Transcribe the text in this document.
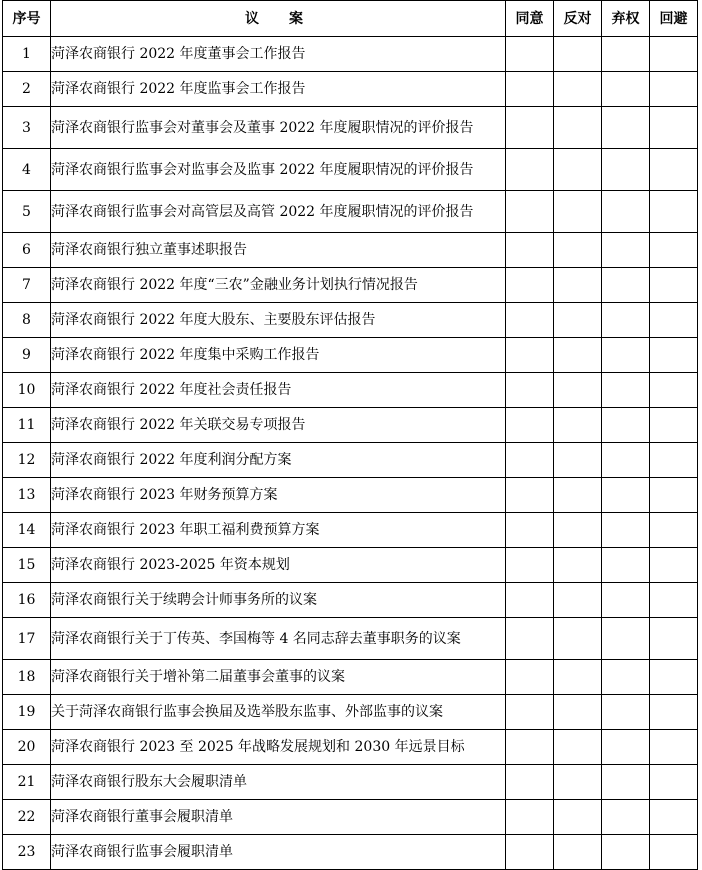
序号	议　案	同意	反对	弃权	回避
1	菏泽农商银行 2022 年度董事会工作报告				
2	菏泽农商银行 2022 年度监事会工作报告				
3	菏泽农商银行监事会对董事会及董事 2022 年度履职情况的评价报告				
4	菏泽农商银行监事会对监事会及监事 2022 年度履职情况的评价报告				
5	菏泽农商银行监事会对高管层及高管 2022 年度履职情况的评价报告				
6	菏泽农商银行独立董事述职报告				
7	菏泽农商银行 2022 年度“三农”金融业务计划执行情况报告				
8	菏泽农商银行 2022 年度大股东、主要股东评估报告				
9	菏泽农商银行 2022 年度集中采购工作报告				
10	菏泽农商银行 2022 年度社会责任报告				
11	菏泽农商银行 2022 年关联交易专项报告				
12	菏泽农商银行 2022 年度利润分配方案				
13	菏泽农商银行 2023 年财务预算方案				
14	菏泽农商银行 2023 年职工福利费预算方案				
15	菏泽农商银行 2023-2025 年资本规划				
16	菏泽农商银行关于续聘会计师事务所的议案				
17	菏泽农商银行关于丁传英、李国梅等 4 名同志辞去董事职务的议案				
18	菏泽农商银行关于增补第二届董事会董事的议案				
19	关于菏泽农商银行监事会换届及选举股东监事、外部监事的议案				
20	菏泽农商银行 2023 至 2025 年战略发展规划和 2030 年远景目标				
21	菏泽农商银行股东大会履职清单				
22	菏泽农商银行董事会履职清单				
23	菏泽农商银行监事会履职清单				
